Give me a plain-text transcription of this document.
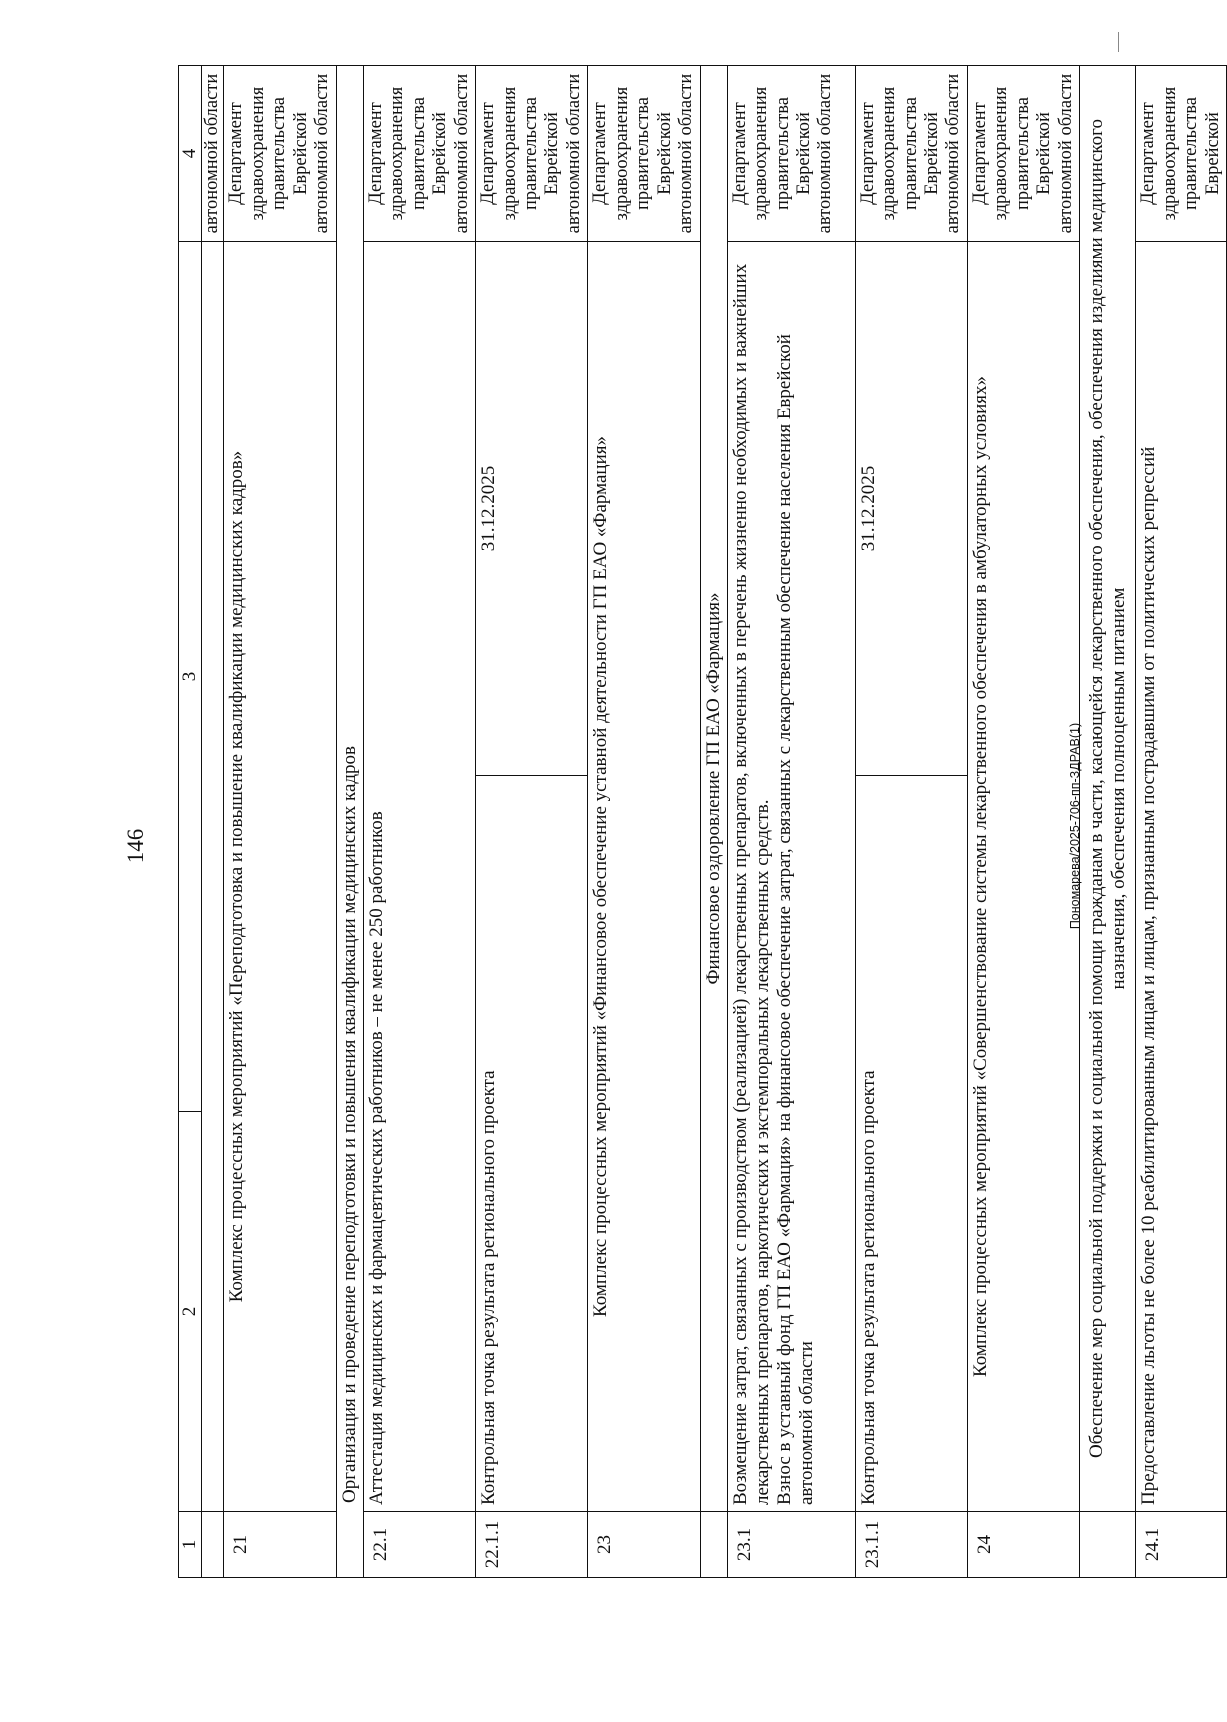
146	Пономарева/2025-706-пп-ЗДРАВ(1)
1	2	3		4
				автономной области
21	Комплекс процессных мероприятий «Переподготовка и повышение квалификации медицинских кадров»			Департамент здравоохранения правительства Еврейской автономной области
Организация и проведение переподготовки и повышения квалификации медицинских кадров				
22.1	Аттестация медицинских и фармацевтических работников – не менее 250 работников			Департамент здравоохранения правительства Еврейской автономной области
22.1.1	Контрольная точка результата регионального проекта		31.12.2025	Департамент здравоохранения правительства Еврейской автономной области
23	Комплекс процессных мероприятий «Финансовое обеспечение уставной деятельности ГП ЕАО «Фармация»			Департамент здравоохранения правительства Еврейской автономной области
	Финансовое оздоровление ГП ЕАО «Фармация»			
23.1	Возмещение затрат, связанных с производством (реализацией) лекарственных препаратов, включенных в перечень жизненно необходимых и важнейших лекарственных препаратов, наркотических и экстемпоральных лекарственных средств. Взнос в уставный фонд ГП ЕАО «Фармация» на финансовое обеспечение затрат, связанных с лекарственным обеспечение населения Еврейской автономной области			Департамент здравоохранения правительства Еврейской автономной области
23.1.1	Контрольная точка результата регионального проекта		31.12.2025	Департамент здравоохранения правительства Еврейской автономной области
24	Комплекс процессных мероприятий «Совершенствование системы лекарственного обеспечения в амбулаторных условиях»			Департамент здравоохранения правительства Еврейской автономной области
	Обеспечение мер социальной поддержки и социальной помощи гражданам в части, касающейся лекарственного обеспечения, обеспечения изделиями медицинского назначения, обеспечения полноценным питанием			
24.1	Предоставление льготы не более 10 реабилитированным лицам и лицам, признанным пострадавшими от политических репрессий			Департамент здравоохранения правительства Еврейской
